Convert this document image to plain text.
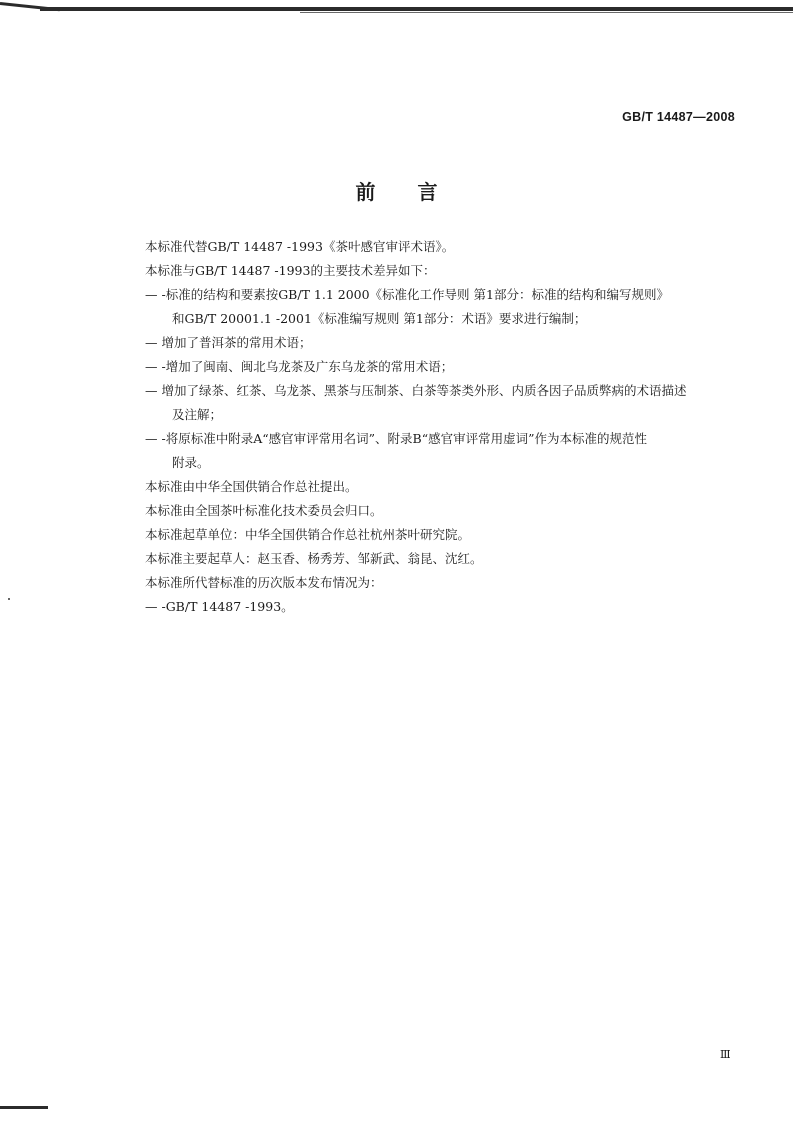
GB/T 14487—2008
前言
本标准代替GB/T 14487 -1993《茶叶感官审评术语》。
本标准与GB/T 14487 -1993的主要技术差异如下：
— -标准的结构和要素按GB/T 1.1 2000《标准化工作导则 第1部分：标准的结构和编写规则》
和GB/T 20001.1 -2001《标准编写规则 第1部分：术语》要求进行编制；
— 增加了普洱茶的常用术语；
— -增加了闽南、闽北乌龙茶及广东乌龙茶的常用术语；
— 增加了绿茶、红茶、乌龙茶、黑茶与压制茶、白茶等茶类外形、内质各因子品质弊病的术语描述
及注解；
— -将原标准中附录A“感官审评常用名词”、附录B“感官审评常用虚词”作为本标准的规范性
附录。
本标准由中华全国供销合作总社提出。
本标准由全国茶叶标准化技术委员会归口。
本标准起草单位：中华全国供销合作总社杭州茶叶研究院。
本标准主要起草人：赵玉香、杨秀芳、邹新武、翁昆、沈红。
本标准所代替标准的历次版本发布情况为：
— -GB/T 14487 -1993。
Ⅲ
